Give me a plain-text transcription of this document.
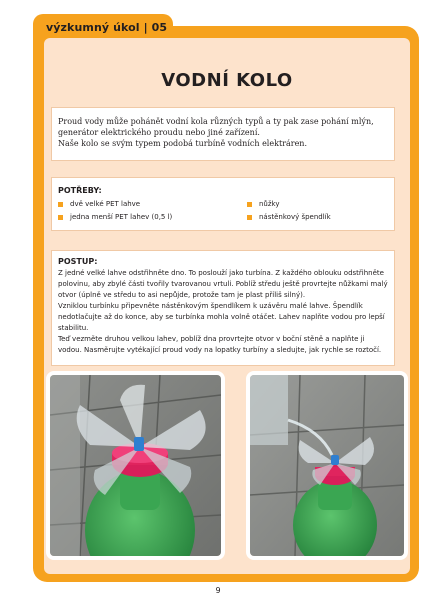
výzkumný úkol | 05
VODNÍ KOLO

Proud vody může pohánět vodní kola různých typů a ty pak zase pohání mlýn,

generátor elektrického proudu nebo jiné zařízení.

Naše kolo se svým typem podobá turbíně vodních elektráren.

POTŘEBY:
dvě velké PET lahve
jedna menší PET lahev (0,5 l)
nůžky
nástěnkový špendlík
POSTUP:
Z jedné velké lahve odstřihněte dno. To poslouží jako turbína. Z každého oblouku odstřihněte
polovinu, aby zbylé části tvořily tvarovanou vrtuli. Poblíž středu ještě provrtejte nůžkami malý
otvor (úplně ve středu to asi nepůjde, protože tam je plast příliš silný).
Vzniklou turbínku připevněte nástěnkovým špendlíkem k uzávěru malé lahve. Špendlík
nedotlačujte až do konce, aby se turbínka mohla volně otáčet. Lahev naplňte vodou pro lepší
stabilitu.
Teď vezměte druhou velkou lahev, poblíž dna provrtejte otvor v boční stěně a naplňte ji
vodou. Nasměrujte vytékající proud vody na lopatky turbíny a sledujte, jak rychle se roztočí.
9
